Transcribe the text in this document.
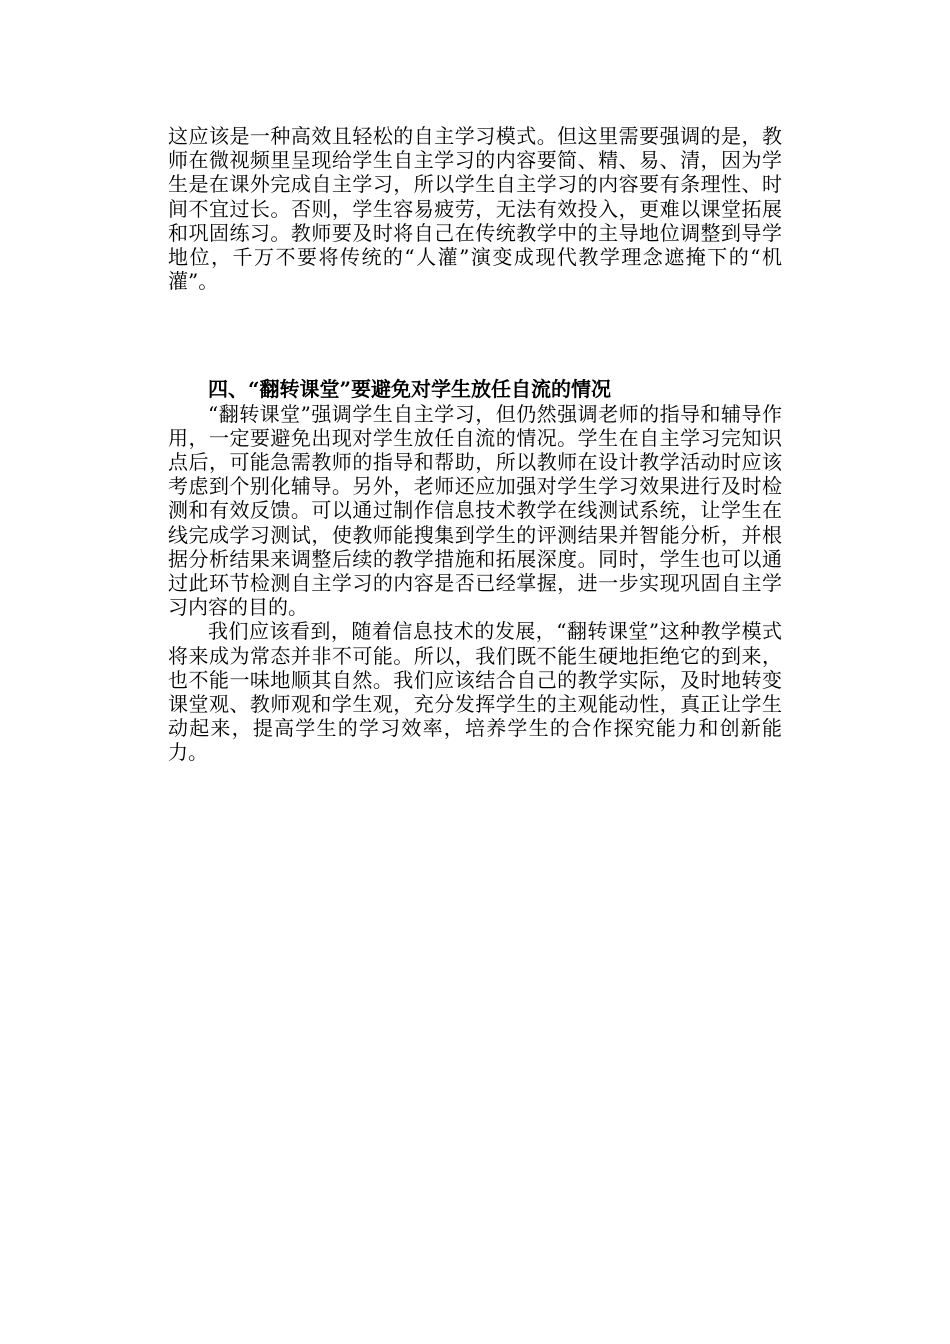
这应该是一种高效且轻松的自主学习模式。但这里需要强调的是，教师在微视频里呈现给学生自主学习的内容要简、精、易、清，因为学生是在课外完成自主学习，所以学生自主学习的内容要有条理性、时间不宜过长。否则，学生容易疲劳，无法有效投入，更难以课堂拓展和巩固练习。教师要及时将自己在传统教学中的主导地位调整到导学地位，千万不要将传统的“人灌”演变成现代教学理念遮掩下的“机灌”。

四、“翻转课堂”要避免对学生放任自流的情况

“翻转课堂”强调学生自主学习，但仍然强调老师的指导和辅导作用，一定要避免出现对学生放任自流的情况。学生在自主学习完知识点后，可能急需教师的指导和帮助，所以教师在设计教学活动时应该考虑到个别化辅导。另外，老师还应加强对学生学习效果进行及时检测和有效反馈。可以通过制作信息技术教学在线测试系统，让学生在线完成学习测试，使教师能搜集到学生的评测结果并智能分析，并根据分析结果来调整后续的教学措施和拓展深度。同时，学生也可以通过此环节检测自主学习的内容是否已经掌握，进一步实现巩固自主学习内容的目的。

我们应该看到，随着信息技术的发展，“翻转课堂”这种教学模式将来成为常态并非不可能。所以，我们既不能生硬地拒绝它的到来，也不能一味地顺其自然。我们应该结合自己的教学实际，及时地转变课堂观、教师观和学生观，充分发挥学生的主观能动性，真正让学生动起来，提高学生的学习效率，培养学生的合作探究能力和创新能力。
